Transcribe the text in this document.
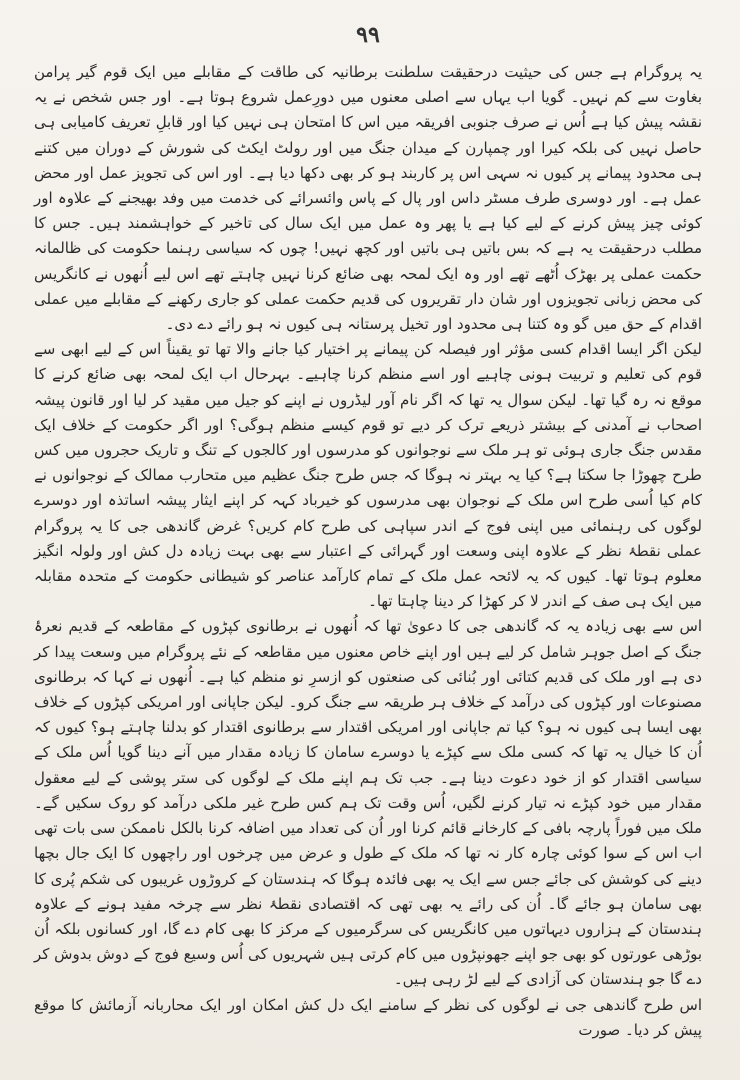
۹۹

یہ پروگرام ہے جس کی حیثیت درحقیقت سلطنت برطانیہ کی طاقت کے مقابلے میں ایک قوم گیر پرامن بغاوت سے کم نہیں۔ گویا اب یہاں سے اصلی معنوں میں دورِعمل شروع ہوتا ہے۔ اور جس شخص نے یہ نقشہ پیش کیا ہے اُس نے صرف جنوبی افریقہ میں اس کا امتحان ہی نہیں کیا اور قابلِ تعریف کامیابی ہی حاصل نہیں کی بلکہ کیرا اور چمپارن کے میدان جنگ میں اور رولٹ ایکٹ کی شورش کے دوران میں کتنے ہی محدود پیمانے پر کیوں نہ سہی اس پر کاربند ہو کر بھی دکھا دیا ہے۔ اور اس کی تجویز عمل اور محض عمل ہے۔ اور دوسری طرف مسٹر داس اور پال کے پاس وائسرائے کی خدمت میں وفد بھیجنے کے علاوہ اور کوئی چیز پیش کرنے کے لیے کیا ہے یا پھر وہ عمل میں ایک سال کی تاخیر کے خواہشمند ہیں۔ جس کا مطلب درحقیقت یہ ہے کہ بس باتیں ہی باتیں اور کچھ نہیں! چوں کہ سیاسی رہنما حکومت کی ظالمانہ حکمت عملی پر بھڑک اُٹھے تھے اور وہ ایک لمحہ بھی ضائع کرنا نہیں چاہتے تھے اس لیے اُنھوں نے کانگریس کی محض زبانی تجویزوں اور شان دار تقریروں کی قدیم حکمت عملی کو جاری رکھنے کے مقابلے میں عملی اقدام کے حق میں گو وہ کتنا ہی محدود اور تخیل پرستانہ ہی کیوں نہ ہو رائے دے دی۔

لیکن اگر ایسا اقدام کسی مؤثر اور فیصلہ کن پیمانے پر اختیار کیا جانے والا تھا تو یقیناً اس کے لیے ابھی سے قوم کی تعلیم و تربیت ہونی چاہیے اور اسے منظم کرنا چاہیے۔ بہرحال اب ایک لمحہ بھی ضائع کرنے کا موقع نہ رہ گیا تھا۔ لیکن سوال یہ تھا کہ اگر نام آور لیڈروں نے اپنے کو جیل میں مقید کر لیا اور قانون پیشہ اصحاب نے آمدنی کے بیشتر ذریعے ترک کر دیے تو قوم کیسے منظم ہوگی؟ اور اگر حکومت کے خلاف ایک مقدس جنگ جاری ہوئی تو ہر ملک سے نوجوانوں کو مدرسوں اور کالجوں کے تنگ و تاریک حجروں میں کس طرح چھوڑا جا سکتا ہے؟ کیا یہ بہتر نہ ہوگا کہ جس طرح جنگ عظیم میں متحارب ممالک کے نوجوانوں نے کام کیا اُسی طرح اس ملک کے نوجوان بھی مدرسوں کو خیرباد کہہ کر اپنے ایثار پیشہ اساتذہ اور دوسرے لوگوں کی رہنمائی میں اپنی فوج کے اندر سپاہی کی طرح کام کریں؟ غرض گاندھی جی کا یہ پروگرام عملی نقطۂ نظر کے علاوہ اپنی وسعت اور گہرائی کے اعتبار سے بھی بہت زیادہ دل کش اور ولولہ انگیز معلوم ہوتا تھا۔ کیوں کہ یہ لائحہ عمل ملک کے تمام کارآمد عناصر کو شیطانی حکومت کے متحدہ مقابلہ میں ایک ہی صف کے اندر لا کر کھڑا کر دینا چاہتا تھا۔

اس سے بھی زیادہ یہ کہ گاندھی جی کا دعویٰ تھا کہ اُنھوں نے برطانوی کپڑوں کے مقاطعہ کے قدیم نعرۂ جنگ کے اصل جوہر شامل کر لیے ہیں اور اپنے خاص معنوں میں مقاطعہ کے نئے پروگرام میں وسعت پیدا کر دی ہے اور ملک کی قدیم کتائی اور بُنائی کی صنعتوں کو ازسرِ نو منظم کیا ہے۔ اُنھوں نے کہا کہ برطانوی مصنوعات اور کپڑوں کی درآمد کے خلاف ہر طریقہ سے جنگ کرو۔ لیکن جاپانی اور امریکی کپڑوں کے خلاف بھی ایسا ہی کیوں نہ ہو؟ کیا تم جاپانی اور امریکی اقتدار سے برطانوی اقتدار کو بدلنا چاہتے ہو؟ کیوں کہ اُن کا خیال یہ تھا کہ کسی ملک سے کپڑے یا دوسرے سامان کا زیادہ مقدار میں آنے دینا گویا اُس ملک کے سیاسی اقتدار کو از خود دعوت دینا ہے۔ جب تک ہم اپنے ملک کے لوگوں کی ستر پوشی کے لیے معقول مقدار میں خود کپڑے نہ تیار کرنے لگیں، اُس وقت تک ہم کس طرح غیر ملکی درآمد کو روک سکیں گے۔ ملک میں فوراً پارچہ بافی کے کارخانے قائم کرنا اور اُن کی تعداد میں اضافہ کرنا بالکل ناممکن سی بات تھی اب اس کے سوا کوئی چارہ کار نہ تھا کہ ملک کے طول و عرض میں چرخوں اور راچھوں کا ایک جال بچھا دینے کی کوشش کی جائے جس سے ایک یہ بھی فائدہ ہوگا کہ ہندستان کے کروڑوں غریبوں کی شکم پُری کا بھی سامان ہو جائے گا۔ اُن کی رائے یہ بھی تھی کہ اقتصادی نقطۂ نظر سے چرخہ مفید ہونے کے علاوہ ہندستان کے ہزاروں دیہاتوں میں کانگریس کی سرگرمیوں کے مرکز کا بھی کام دے گا، اور کسانوں بلکہ اُن بوڑھی عورتوں کو بھی جو اپنے جھونپڑوں میں کام کرتی ہیں شہریوں کی اُس وسیع فوج کے دوش بدوش کر دے گا جو ہندستان کی آزادی کے لیے لڑ رہی ہیں۔

اس طرح گاندھی جی نے لوگوں کی نظر کے سامنے ایک دل کش امکان اور ایک محاربانہ آزمائش کا موقع پیش کر دیا۔ صورت
